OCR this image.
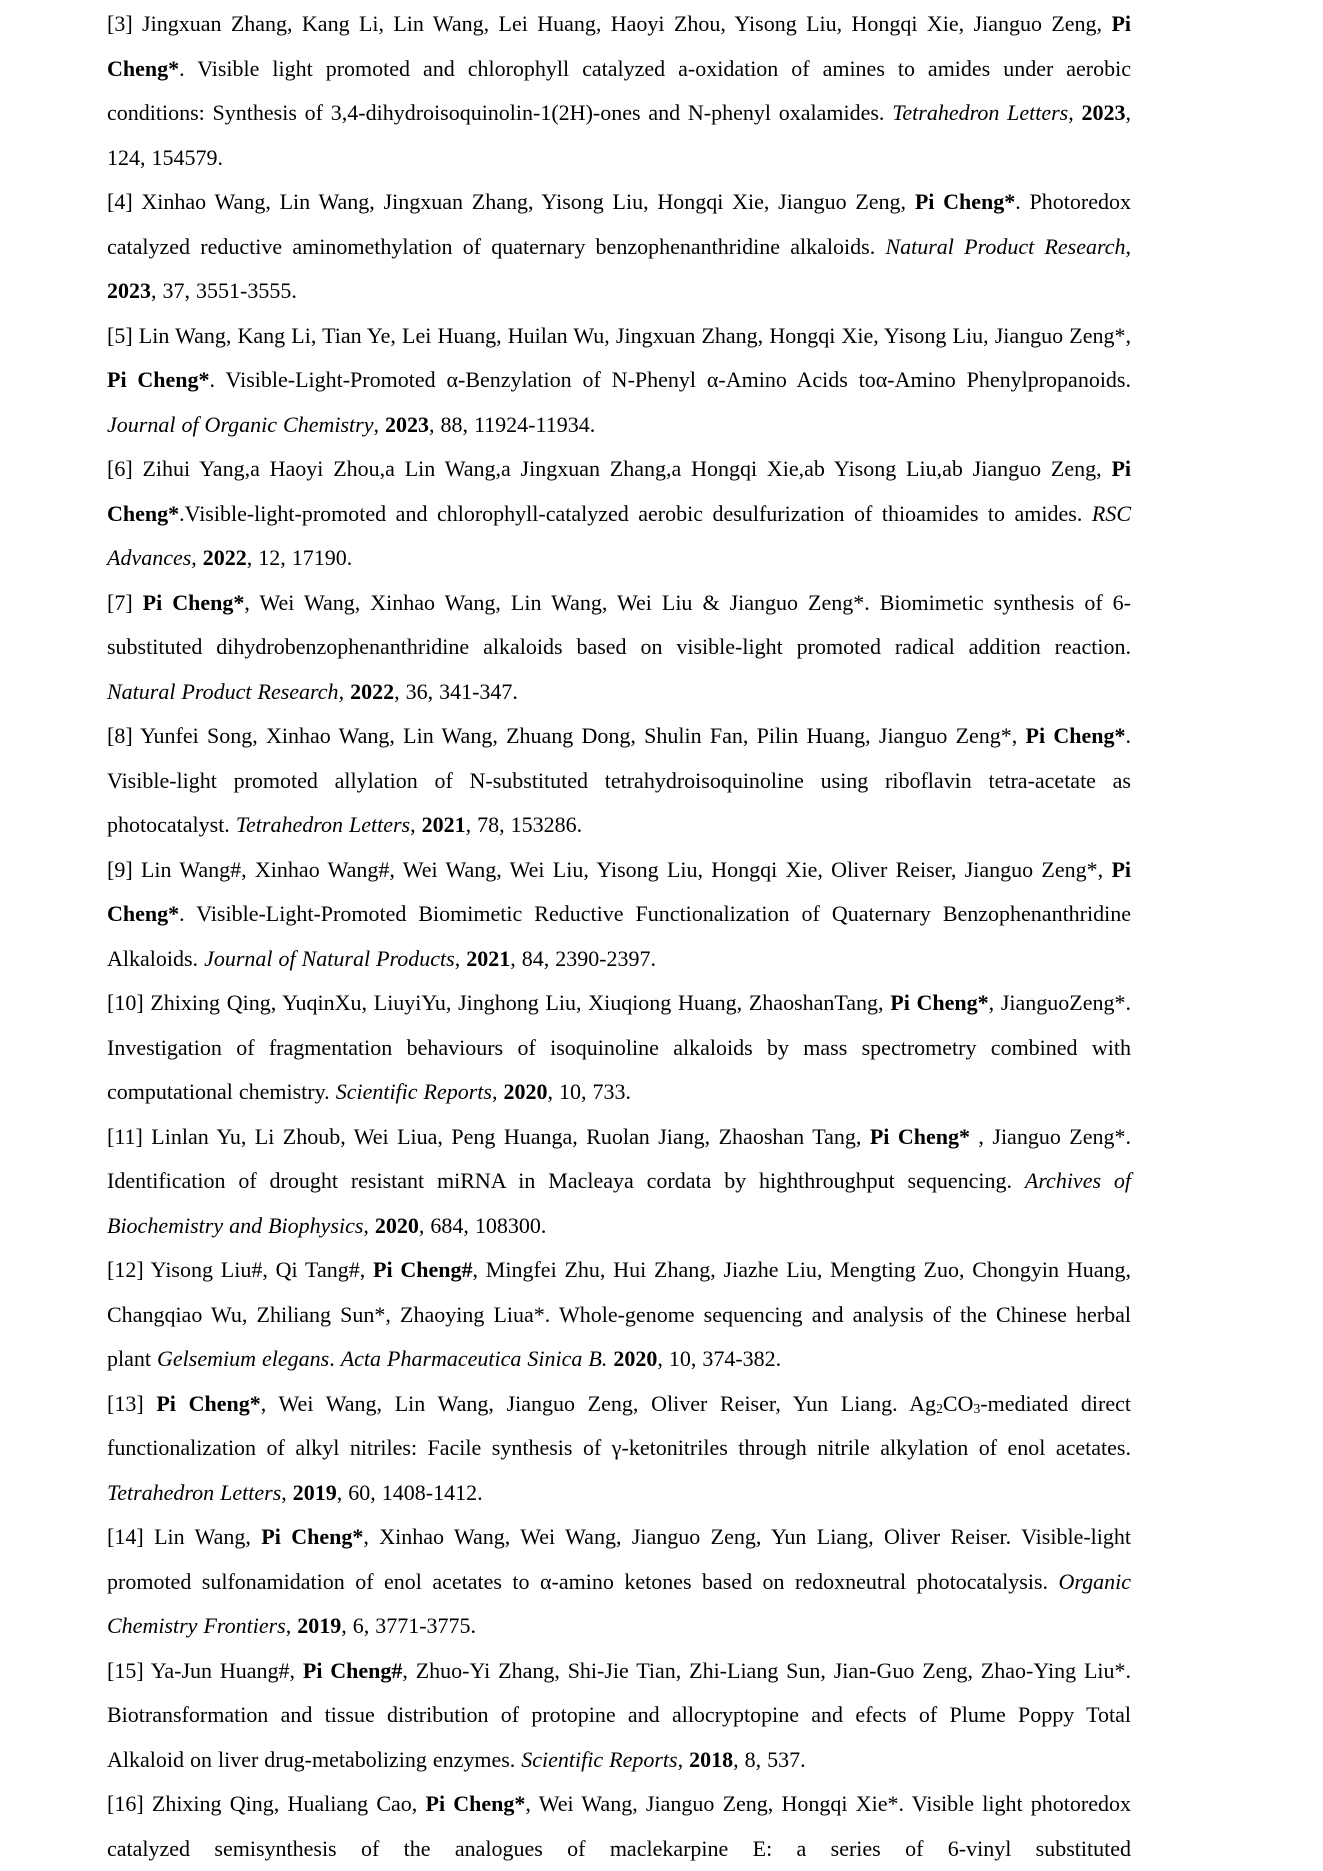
[3] Jingxuan Zhang, Kang Li, Lin Wang, Lei Huang, Haoyi Zhou, Yisong Liu, Hongqi Xie, Jianguo Zeng, Pi Cheng*. Visible light promoted and chlorophyll catalyzed a-oxidation of amines to amides under aerobic conditions: Synthesis of 3,4-dihydroisoquinolin-1(2H)-ones and N-phenyl oxalamides. Tetrahedron Letters, 2023, 124, 154579.

[4] Xinhao Wang, Lin Wang, Jingxuan Zhang, Yisong Liu, Hongqi Xie, Jianguo Zeng, Pi Cheng*. Photoredox catalyzed reductive aminomethylation of quaternary benzophenanthridine alkaloids. Natural Product Research, 2023, 37, 3551-3555.

[5] Lin Wang, Kang Li, Tian Ye, Lei Huang, Huilan Wu, Jingxuan Zhang, Hongqi Xie, Yisong Liu, Jianguo Zeng*, Pi Cheng*. Visible-Light-Promoted α-Benzylation of N-Phenyl α-Amino Acids toα-Amino Phenylpropanoids. Journal of Organic Chemistry, 2023, 88, 11924-11934.

[6] Zihui Yang,a Haoyi Zhou,a Lin Wang,a Jingxuan Zhang,a Hongqi Xie,ab Yisong Liu,ab Jianguo Zeng, Pi Cheng*.Visible-light-promoted and chlorophyll-catalyzed aerobic desulfurization of thioamides to amides. RSC Advances, 2022, 12, 17190.

[7] Pi Cheng*, Wei Wang, Xinhao Wang, Lin Wang, Wei Liu & Jianguo Zeng*. Biomimetic synthesis of 6-substituted dihydrobenzophenanthridine alkaloids based on visible-light promoted radical addition reaction. Natural Product Research, 2022, 36, 341-347.

[8] Yunfei Song, Xinhao Wang, Lin Wang, Zhuang Dong, Shulin Fan, Pilin Huang, Jianguo Zeng*, Pi Cheng*. Visible-light promoted allylation of N-substituted tetrahydroisoquinoline using riboflavin tetra-acetate as photocatalyst. Tetrahedron Letters, 2021, 78, 153286.

[9] Lin Wang#, Xinhao Wang#, Wei Wang, Wei Liu, Yisong Liu, Hongqi Xie, Oliver Reiser, Jianguo Zeng*, Pi Cheng*. Visible-Light-Promoted Biomimetic Reductive Functionalization of Quaternary Benzophenanthridine Alkaloids. Journal of Natural Products, 2021, 84, 2390-2397.

[10] Zhixing Qing, YuqinXu, LiuyiYu, Jinghong Liu, Xiuqiong Huang, ZhaoshanTang, Pi Cheng*, JianguoZeng*. Investigation of fragmentation behaviours of isoquinoline alkaloids by mass spectrometry combined with computational chemistry. Scientific Reports, 2020, 10, 733.

[11] Linlan Yu, Li Zhoub, Wei Liua, Peng Huanga, Ruolan Jiang, Zhaoshan Tang, Pi Cheng* , Jianguo Zeng*. Identification of drought resistant miRNA in Macleaya cordata by highthroughput sequencing. Archives of Biochemistry and Biophysics, 2020, 684, 108300.

[12] Yisong Liu#, Qi Tang#, Pi Cheng#, Mingfei Zhu, Hui Zhang, Jiazhe Liu, Mengting Zuo, Chongyin Huang, Changqiao Wu, Zhiliang Sun*, Zhaoying Liua*. Whole-genome sequencing and analysis of the Chinese herbal plant Gelsemium elegans. Acta Pharmaceutica Sinica B. 2020, 10, 374-382.

[13] Pi Cheng*, Wei Wang, Lin Wang, Jianguo Zeng, Oliver Reiser, Yun Liang. $Ag_2CO_3$-mediated direct functionalization of alkyl nitriles: Facile synthesis of γ-ketonitriles through nitrile alkylation of enol acetates. Tetrahedron Letters, 2019, 60, 1408-1412.

[14] Lin Wang, Pi Cheng*, Xinhao Wang, Wei Wang, Jianguo Zeng, Yun Liang, Oliver Reiser. Visible-light promoted sulfonamidation of enol acetates to α-amino ketones based on redoxneutral photocatalysis. Organic Chemistry Frontiers, 2019, 6, 3771-3775.

[15] Ya-Jun Huang#, Pi Cheng#, Zhuo-Yi Zhang, Shi-Jie Tian, Zhi-Liang Sun, Jian-Guo Zeng, Zhao-Ying Liu*. Biotransformation and tissue distribution of protopine and allocryptopine and efects of Plume Poppy Total Alkaloid on liver drug-metabolizing enzymes. Scientific Reports, 2018, 8, 537.

[16] Zhixing Qing, Hualiang Cao, Pi Cheng*, Wei Wang, Jianguo Zeng, Hongqi Xie*. Visible light photoredox catalyzed semisynthesis of the analogues of maclekarpine E: a series of 6-vinyl substituted
